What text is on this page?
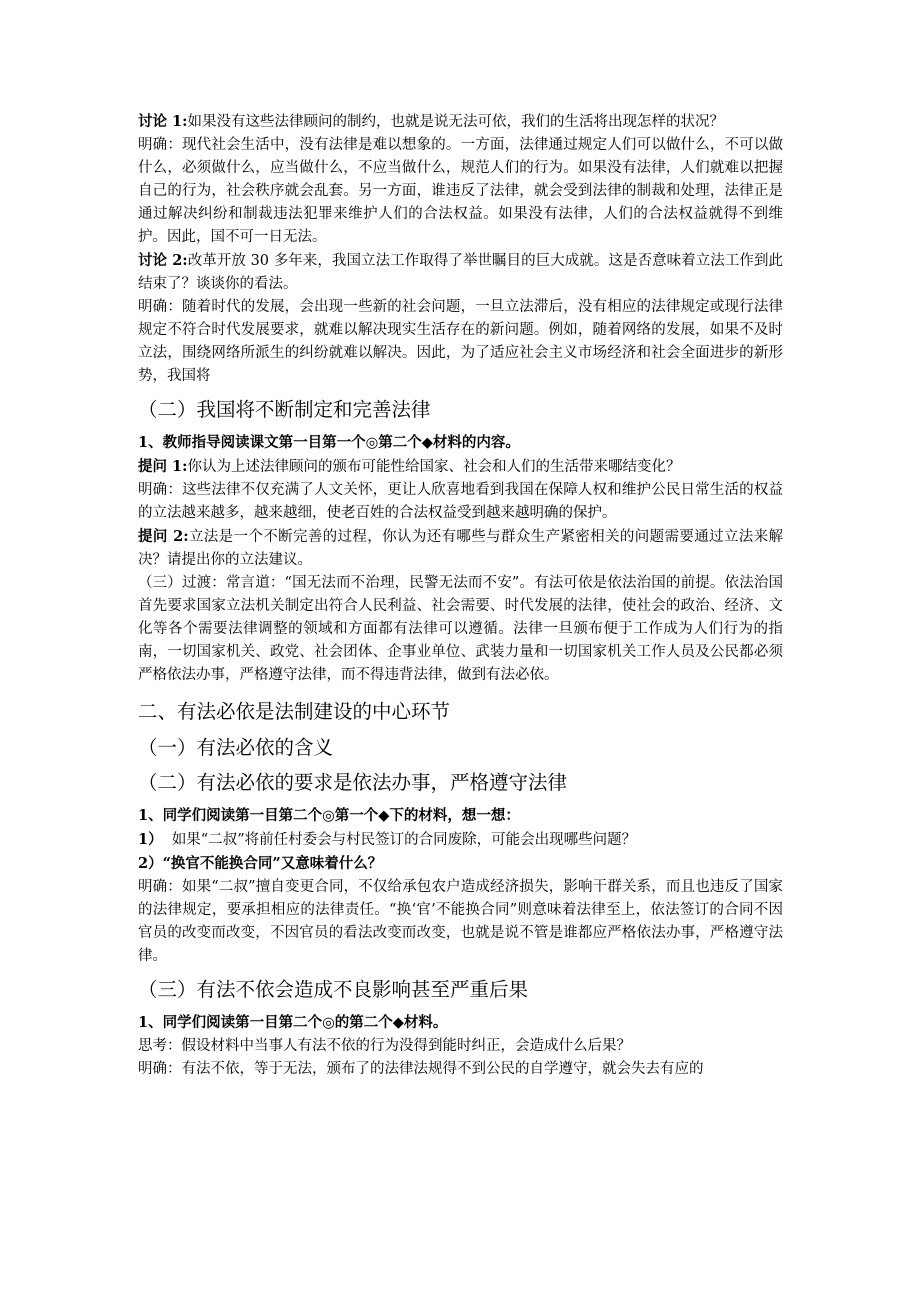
讨论 1:如果没有这些法律顾问的制约，也就是说无法可依，我们的生活将出现怎样的状况？

明确：现代社会生活中，没有法律是难以想象的。一方面，法律通过规定人们可以做什么，不可以做什么，必须做什么，应当做什么，不应当做什么，规范人们的行为。如果没有法律，人们就难以把握自己的行为，社会秩序就会乱套。另一方面，谁违反了法律，就会受到法律的制裁和处理，法律正是通过解决纠纷和制裁违法犯罪来维护人们的合法权益。如果没有法律，人们的合法权益就得不到维护。因此，国不可一日无法。

讨论 2:改革开放 30 多年来，我国立法工作取得了举世瞩目的巨大成就。这是否意味着立法工作到此结束了？谈谈你的看法。

明确：随着时代的发展，会出现一些新的社会问题，一旦立法滞后，没有相应的法律规定或现行法律规定不符合时代发展要求，就难以解决现实生活存在的新问题。例如，随着网络的发展，如果不及时立法，围绕网络所派生的纠纷就难以解决。因此，为了适应社会主义市场经济和社会全面进步的新形势，我国将

（二）我国将不断制定和完善法律

1、教师指导阅读课文第一目第一个◎第二个◆材料的内容。

提问 1:你认为上述法律顾问的颁布可能性给国家、社会和人们的生活带来哪结变化？

明确：这些法律不仅充满了人文关怀，更让人欣喜地看到我国在保障人权和维护公民日常生活的权益的立法越来越多，越来越细，使老百姓的合法权益受到越来越明确的保护。

提问 2:立法是一个不断完善的过程，你认为还有哪些与群众生产紧密相关的问题需要通过立法来解决？请提出你的立法建议。

（三）过渡：常言道：“国无法而不治理，民警无法而不安”。有法可依是依法治国的前提。依法治国首先要求国家立法机关制定出符合人民利益、社会需要、时代发展的法律，使社会的政治、经济、文化等各个需要法律调整的领域和方面都有法律可以遵循。法律一旦颁布便于工作成为人们行为的指南，一切国家机关、政党、社会团体、企事业单位、武装力量和一切国家机关工作人员及公民都必须严格依法办事，严格遵守法律，而不得违背法律，做到有法必依。

二、有法必依是法制建设的中心环节
（一）有法必依的含义
（二）有法必依的要求是依法办事，严格遵守法律

1、同学们阅读第一目第二个◎第一个◆下的材料，想一想：

1） 如果“二叔”将前任村委会与村民签订的合同废除，可能会出现哪些问题？

2）“换官不能换合同”又意味着什么？

明确：如果“二叔”擅自变更合同，不仅给承包农户造成经济损失，影响干群关系，而且也违反了国家的法律规定，要承担相应的法律责任。“换‘官’不能换合同”则意味着法律至上，依法签订的合同不因官员的改变而改变，不因官员的看法改变而改变，也就是说不管是谁都应严格依法办事，严格遵守法律。

（三）有法不依会造成不良影响甚至严重后果

1、同学们阅读第一目第二个◎的第二个◆材料。

思考：假设材料中当事人有法不依的行为没得到能时纠正，会造成什么后果？

明确：有法不依，等于无法，颁布了的法律法规得不到公民的自学遵守，就会失去有应的
